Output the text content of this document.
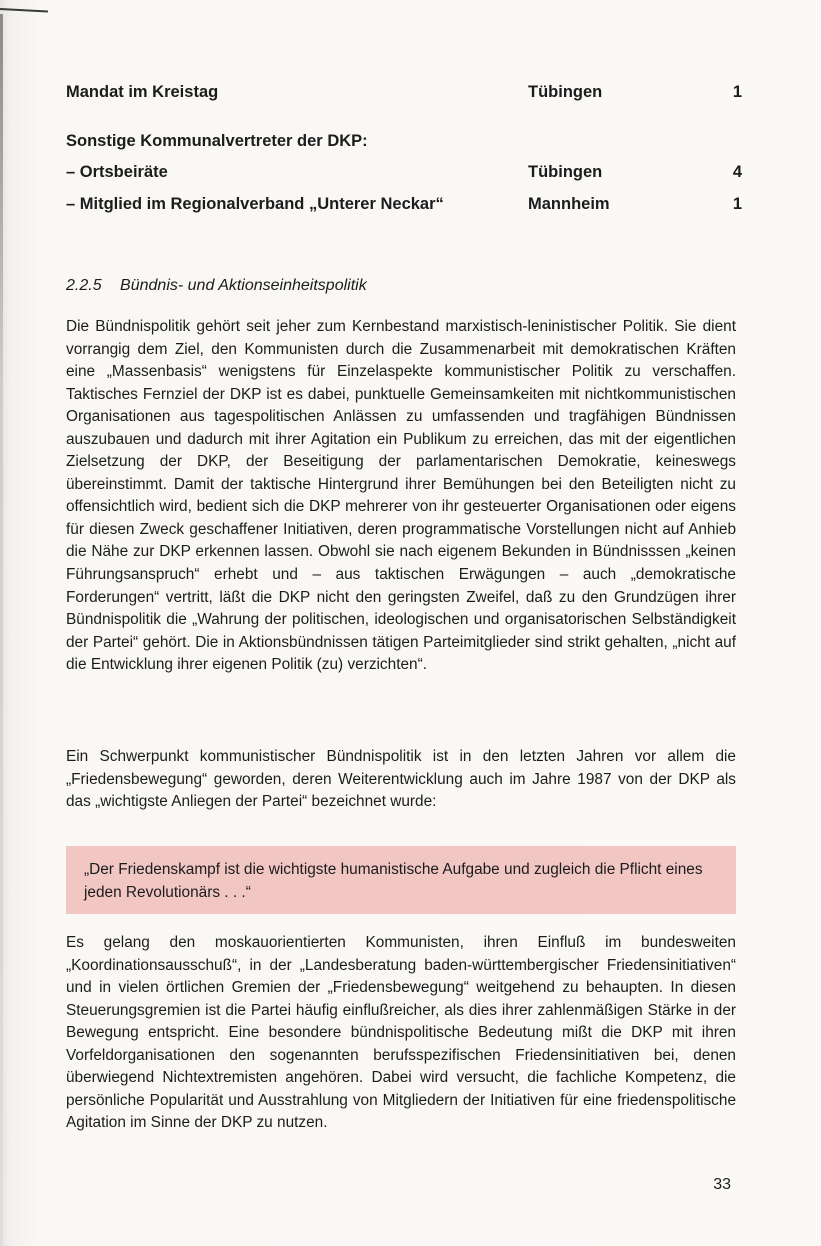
Mandat im Kreistag	Tübingen	1
Sonstige Kommunalvertreter der DKP:
– Ortsbeiräte	Tübingen	4
– Mitglied im Regionalverband „Unterer Neckar“	Mannheim	1
2.2.5 Bündnis- und Aktionseinheitspolitik

Die Bündnispolitik gehört seit jeher zum Kernbestand marxistisch-leninistischer Politik. Sie dient vorrangig dem Ziel, den Kommunisten durch die Zusammenarbeit mit demokratischen Kräften eine „Massenbasis“ wenigstens für Einzelaspekte kommunistischer Politik zu verschaffen. Taktisches Fernziel der DKP ist es dabei, punktuelle Gemeinsamkeiten mit nichtkommunistischen Organisationen aus tagespolitischen Anlässen zu umfassenden und tragfähigen Bündnissen auszubauen und dadurch mit ihrer Agitation ein Publikum zu erreichen, das mit der eigentlichen Zielsetzung der DKP, der Beseitigung der parlamentarischen Demokratie, keineswegs übereinstimmt. Damit der taktische Hintergrund ihrer Bemühungen bei den Beteiligten nicht zu offensichtlich wird, bedient sich die DKP mehrerer von ihr gesteuerter Organisationen oder eigens für diesen Zweck geschaffener Initiativen, deren programmatische Vorstellungen nicht auf Anhieb die Nähe zur DKP erkennen lassen. Obwohl sie nach eigenem Bekunden in Bündnisssen „keinen Führungsanspruch“ erhebt und – aus taktischen Erwägungen – auch „demokratische Forderungen“ vertritt, läßt die DKP nicht den geringsten Zweifel, daß zu den Grundzügen ihrer Bündnispolitik die „Wahrung der politischen, ideologischen und organisatorischen Selbständigkeit der Partei“ gehört. Die in Aktionsbündnissen tätigen Parteimitglieder sind strikt gehalten, „nicht auf die Entwicklung ihrer eigenen Politik (zu) verzichten“.

Ein Schwerpunkt kommunistischer Bündnispolitik ist in den letzten Jahren vor allem die „Friedensbewegung“ geworden, deren Weiterentwicklung auch im Jahre 1987 von der DKP als das „wichtigste Anliegen der Partei“ bezeichnet wurde:

„Der Friedenskampf ist die wichtigste humanistische Aufgabe und zugleich die Pflicht eines jeden Revolutionärs . . .“

Es gelang den moskauorientierten Kommunisten, ihren Einfluß im bundesweiten „Koordinationsausschuß“, in der „Landesberatung baden-württembergischer Friedensinitiativen“ und in vielen örtlichen Gremien der „Friedensbewegung“ weitgehend zu behaupten. In diesen Steuerungsgremien ist die Partei häufig einflußreicher, als dies ihrer zahlenmäßigen Stärke in der Bewegung entspricht. Eine besondere bündnispolitische Bedeutung mißt die DKP mit ihren Vorfeldorganisationen den sogenannten berufsspezifischen Friedensinitiativen bei, denen überwiegend Nichtextremisten angehören. Dabei wird versucht, die fachliche Kompetenz, die persönliche Popularität und Ausstrahlung von Mitgliedern der Initiativen für eine friedenspolitische Agitation im Sinne der DKP zu nutzen.

33
